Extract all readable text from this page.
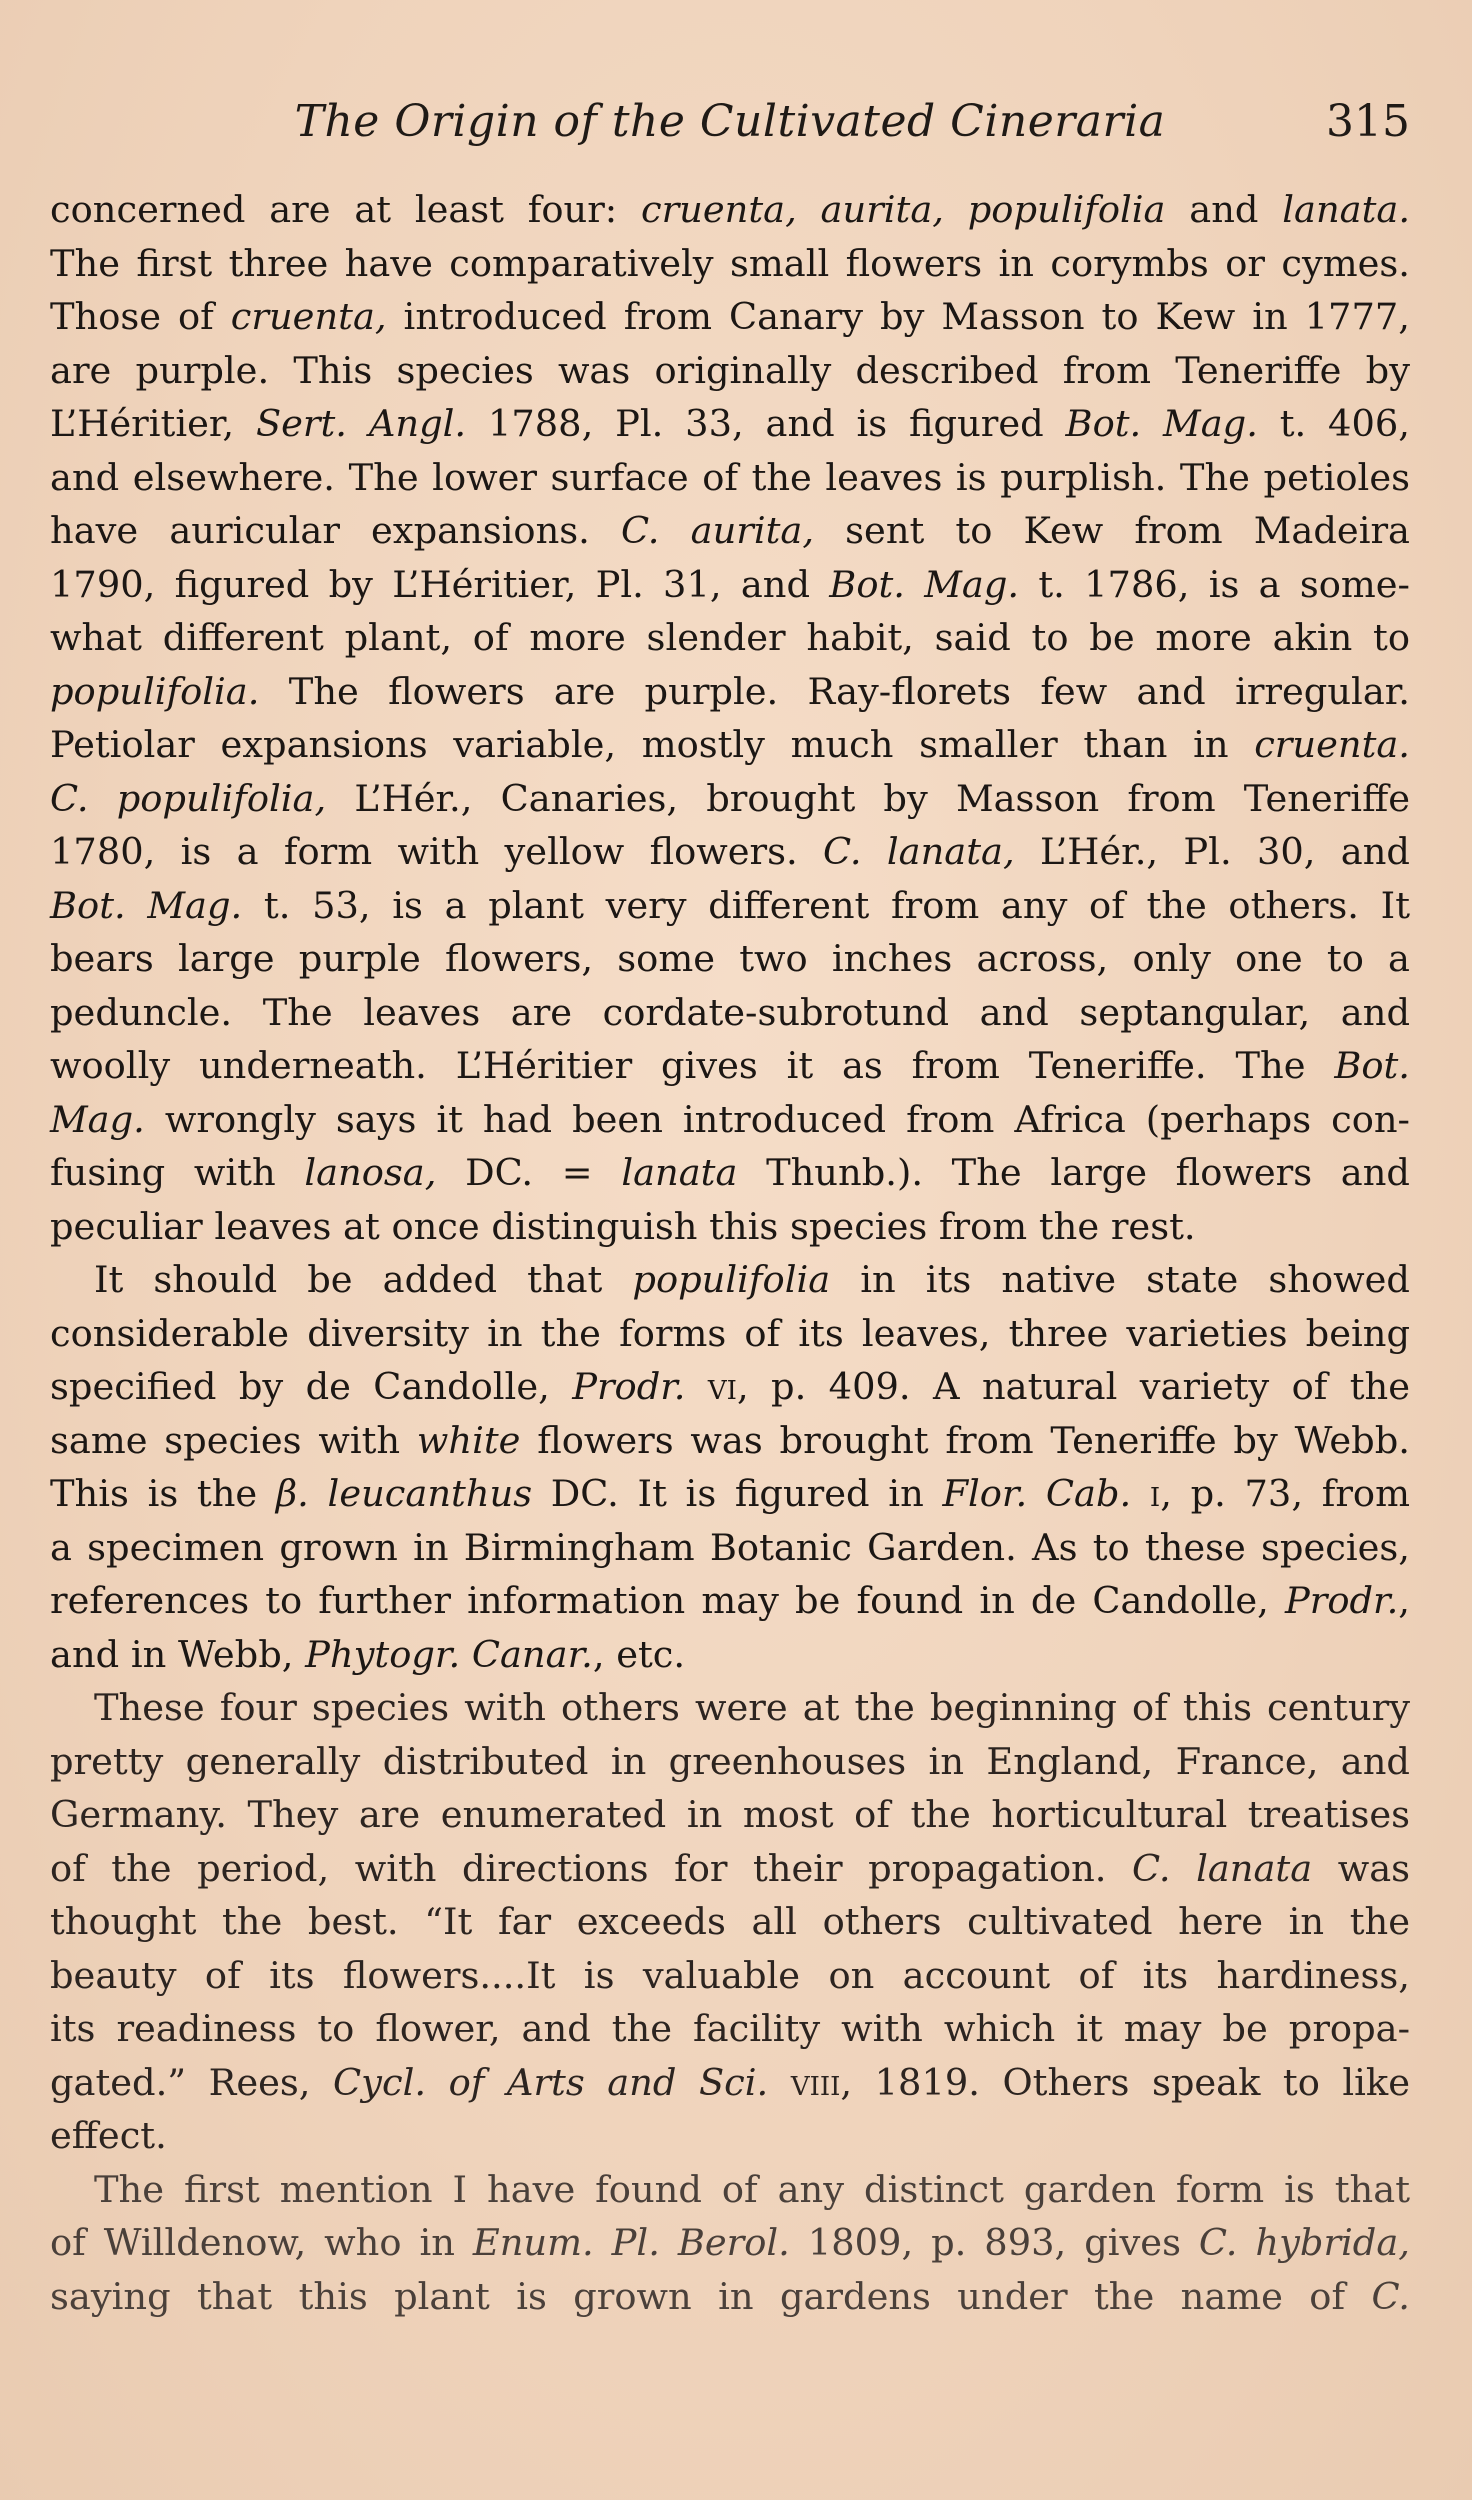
The Origin of the Cultivated Cineraria	315
concerned are at least four: cruenta, aurita, populifolia and lanata.
The first three have comparatively small flowers in corymbs or cymes.
Those of cruenta, introduced from Canary by Masson to Kew in 1777,
are purple. This species was originally described from Teneriffe by
L’Héritier, Sert. Angl. 1788, Pl. 33, and is figured Bot. Mag. t. 406,
and elsewhere. The lower surface of the leaves is purplish. The petioles
have auricular expansions. C. aurita, sent to Kew from Madeira
1790, figured by L’Héritier, Pl. 31, and Bot. Mag. t. 1786, is a some-
what different plant, of more slender habit, said to be more akin to
populifolia. The flowers are purple. Ray-florets few and irregular.
Petiolar expansions variable, mostly much smaller than in cruenta.
C. populifolia, L’Hér., Canaries, brought by Masson from Teneriffe
1780, is a form with yellow flowers. C. lanata, L’Hér., Pl. 30, and
Bot. Mag. t. 53, is a plant very different from any of the others. It
bears large purple flowers, some two inches across, only one to a
peduncle. The leaves are cordate-subrotund and septangular, and
woolly underneath. L’Héritier gives it as from Teneriffe. The Bot.
Mag. wrongly says it had been introduced from Africa (perhaps con-
fusing with lanosa, DC. = lanata Thunb.). The large flowers and
peculiar leaves at once distinguish this species from the rest.
It should be added that populifolia in its native state showed
considerable diversity in the forms of its leaves, three varieties being
specified by de Candolle, Prodr. vi, p. 409. A natural variety of the
same species with white flowers was brought from Teneriffe by Webb.
This is the β. leucanthus DC. It is figured in Flor. Cab. i, p. 73, from
a specimen grown in Birmingham Botanic Garden. As to these species,
references to further information may be found in de Candolle, Prodr.,
and in Webb, Phytogr. Canar., etc.
These four species with others were at the beginning of this century
pretty generally distributed in greenhouses in England, France, and
Germany. They are enumerated in most of the horticultural treatises
of the period, with directions for their propagation. C. lanata was
thought the best. “It far exceeds all others cultivated here in the
beauty of its flowers....It is valuable on account of its hardiness,
its readiness to flower, and the facility with which it may be propa-
gated.” Rees, Cycl. of Arts and Sci. viii, 1819. Others speak to like
effect.
The first mention I have found of any distinct garden form is that
of Willdenow, who in Enum. Pl. Berol. 1809, p. 893, gives C. hybrida,
saying that this plant is grown in gardens under the name of C.
